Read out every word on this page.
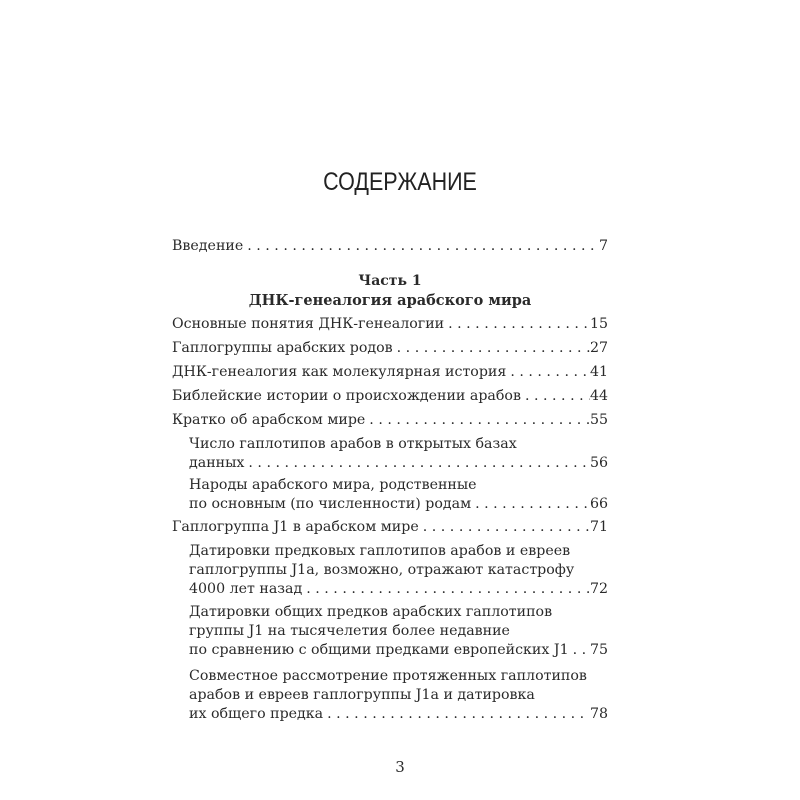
СОДЕРЖАНИЕ
Введение . . .	7
Часть 1
ДНК-генеалогия арабского мира
Основные понятия ДНК-генеалогии . . .	15
Гаплогруппы арабских родов . . .	27
ДНК-генеалогия как молекулярная история . . .	41
Библейские истории о происхождении арабов . . .	44
Кратко об арабском мире . . .	55
Число гаплотипов арабов в открытых базах
данных . . .	56
Народы арабского мира, родственные
по основным (по численности) родам . . .	66
Гаплогруппа J1 в арабском мире . . .	71
Датировки предковых гаплотипов арабов и евреев
гаплогруппы J1a, возможно, отражают катастрофу
4000 лет назад . . .	72
Датировки общих предков арабских гаплотипов
группы J1 на тысячелетия более недавние
по сравнению с общими предками европейских J1 . . . 75
Совместное рассмотрение протяженных гаплотипов
арабов и евреев гаплогруппы J1a и датировка
их общего предка . . .	78
3
